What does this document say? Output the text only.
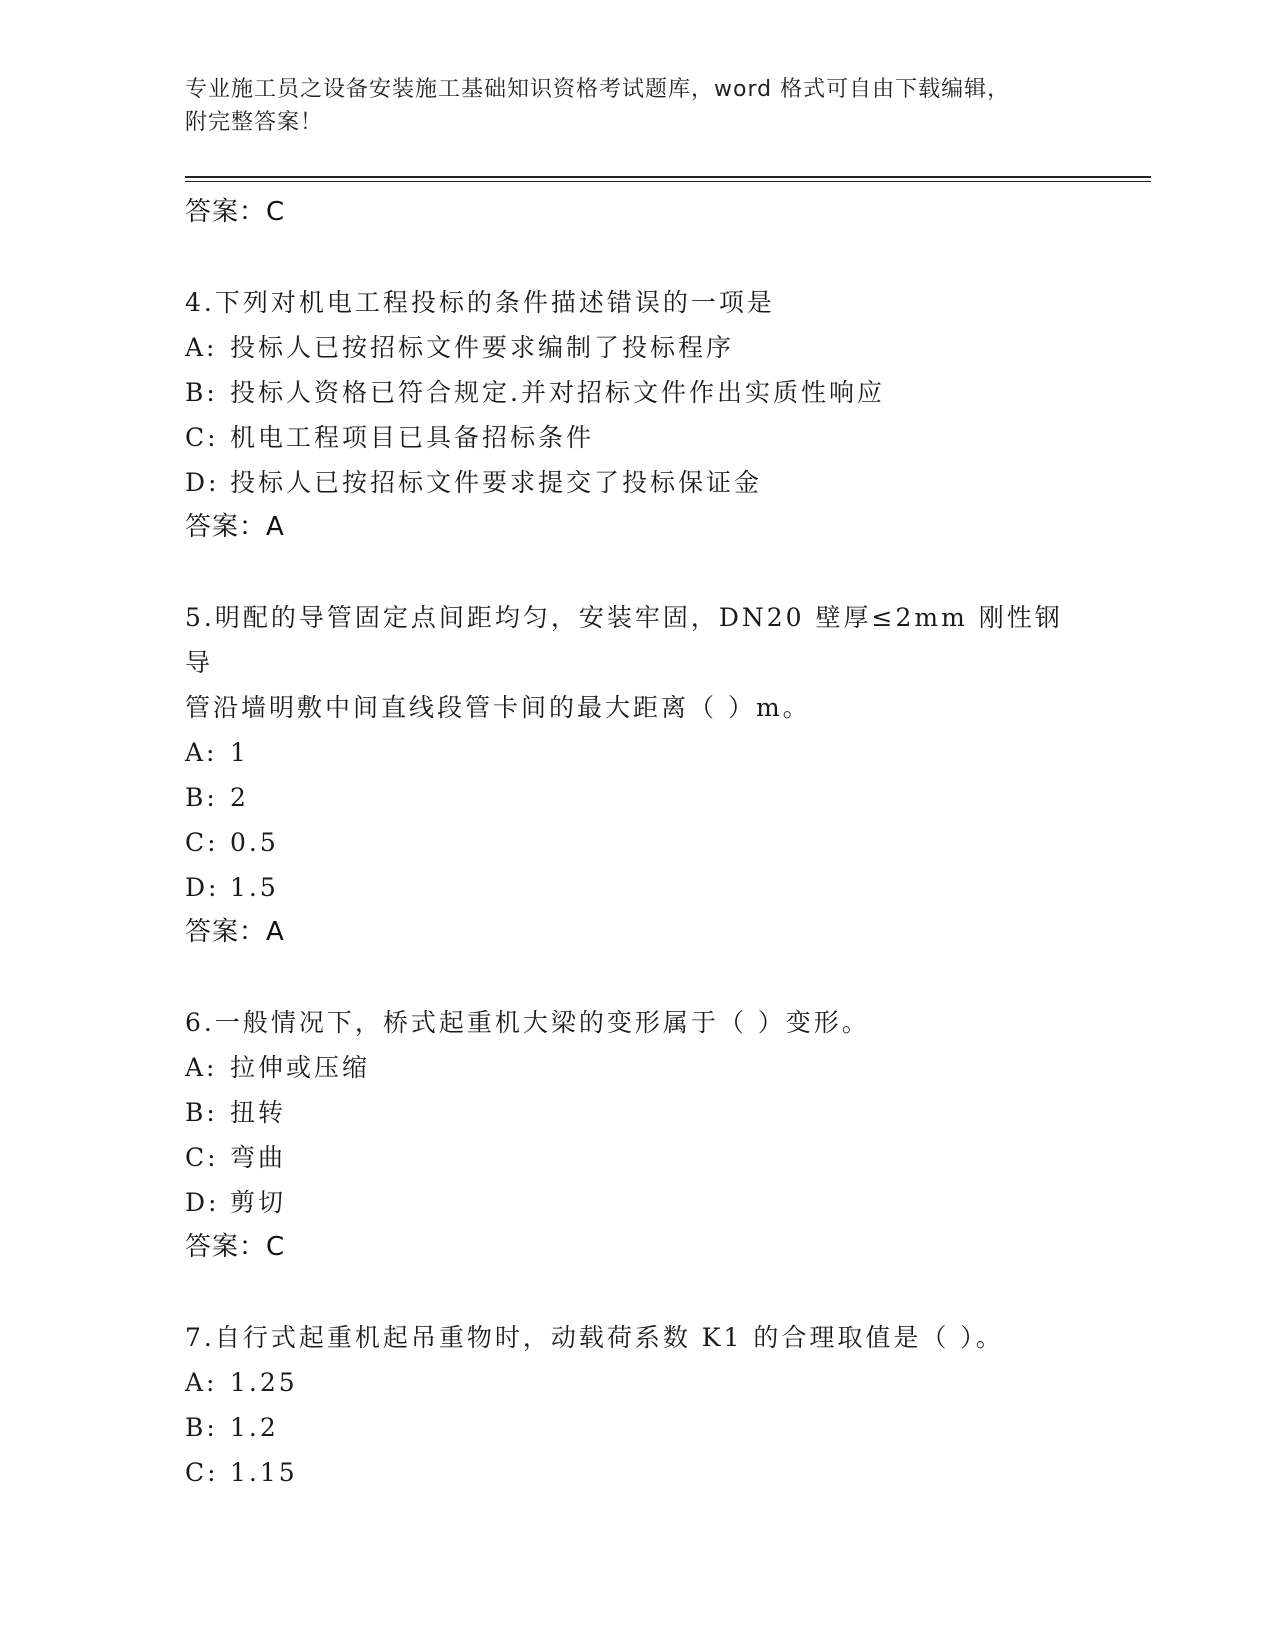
专业施工员之设备安装施工基础知识资格考试题库，word 格式可自由下载编辑，
附完整答案！
答案：C
4.下列对机电工程投标的条件描述错误的一项是
A: 投标人已按招标文件要求编制了投标程序
B: 投标人资格已符合规定.并对招标文件作出实质性响应
C: 机电工程项目已具备招标条件
D: 投标人已按招标文件要求提交了投标保证金
答案：A
5.明配的导管固定点间距均匀，安装牢固，DN20 壁厚≤2mm 刚性钢导
管沿墙明敷中间直线段管卡间的最大距离（ ）m。
A: 1
B: 2
C: 0.5
D: 1.5
答案：A
6.一般情况下，桥式起重机大梁的变形属于（ ）变形。
A: 拉伸或压缩
B: 扭转
C: 弯曲
D: 剪切
答案：C
7.自行式起重机起吊重物时，动载荷系数 K1 的合理取值是（ ）。
A: 1.25
B: 1.2
C: 1.15
